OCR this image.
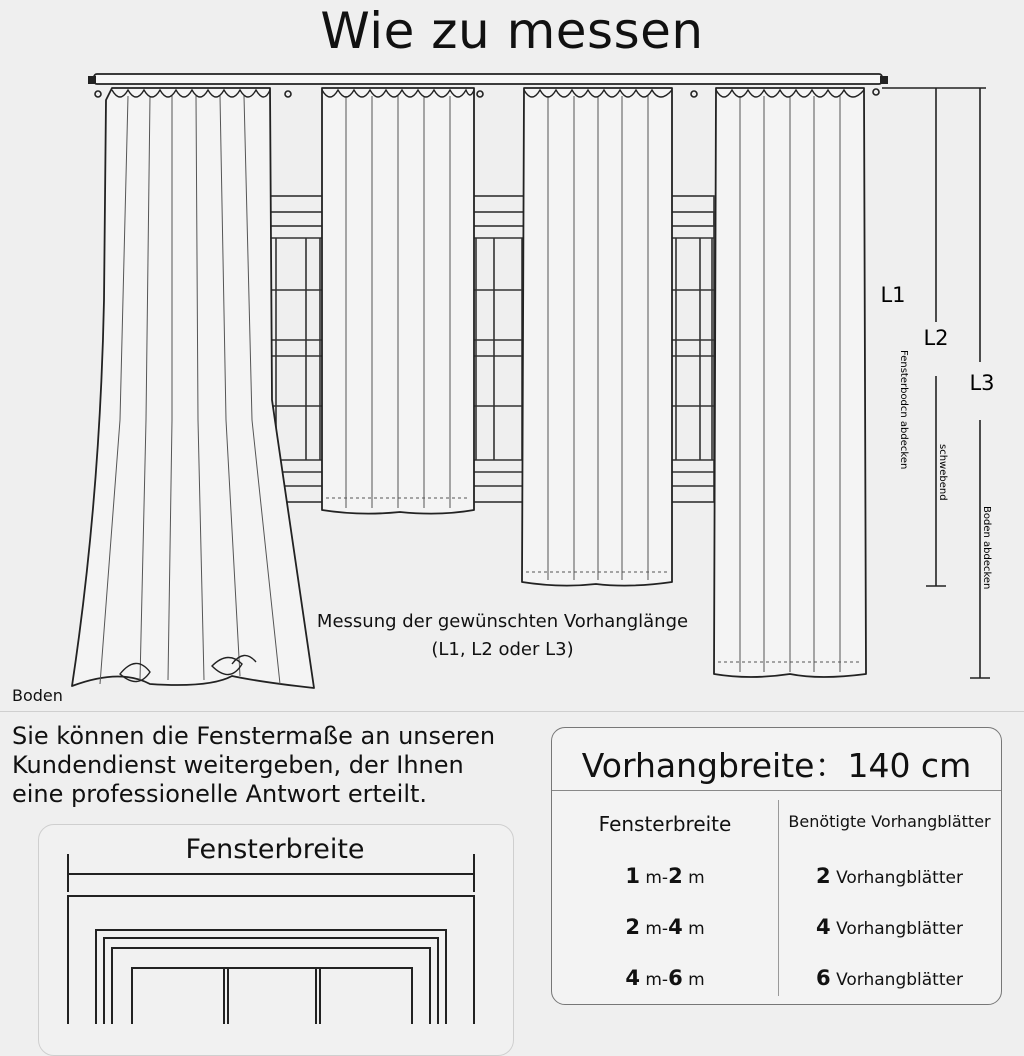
Wie zu messen
L1
L2
L3
Fensterbodcn abdecken
schwebend
Boden abdecken
Messung der gewünschten Vorhanglänge
(L1, L2 oder L3)
Boden
Sie können die Fenstermaße an unseren
Kundendienst weitergeben, der Ihnen
eine professionelle Antwort erteilt.
Fensterbreite
Vorhangbreite：140 cm
Fensterbreite	Benötigte Vorhangblätter
1 m-2 m	2 Vorhangblätter
2 m-4 m	4 Vorhangblätter
4 m-6 m	6 Vorhangblätter
